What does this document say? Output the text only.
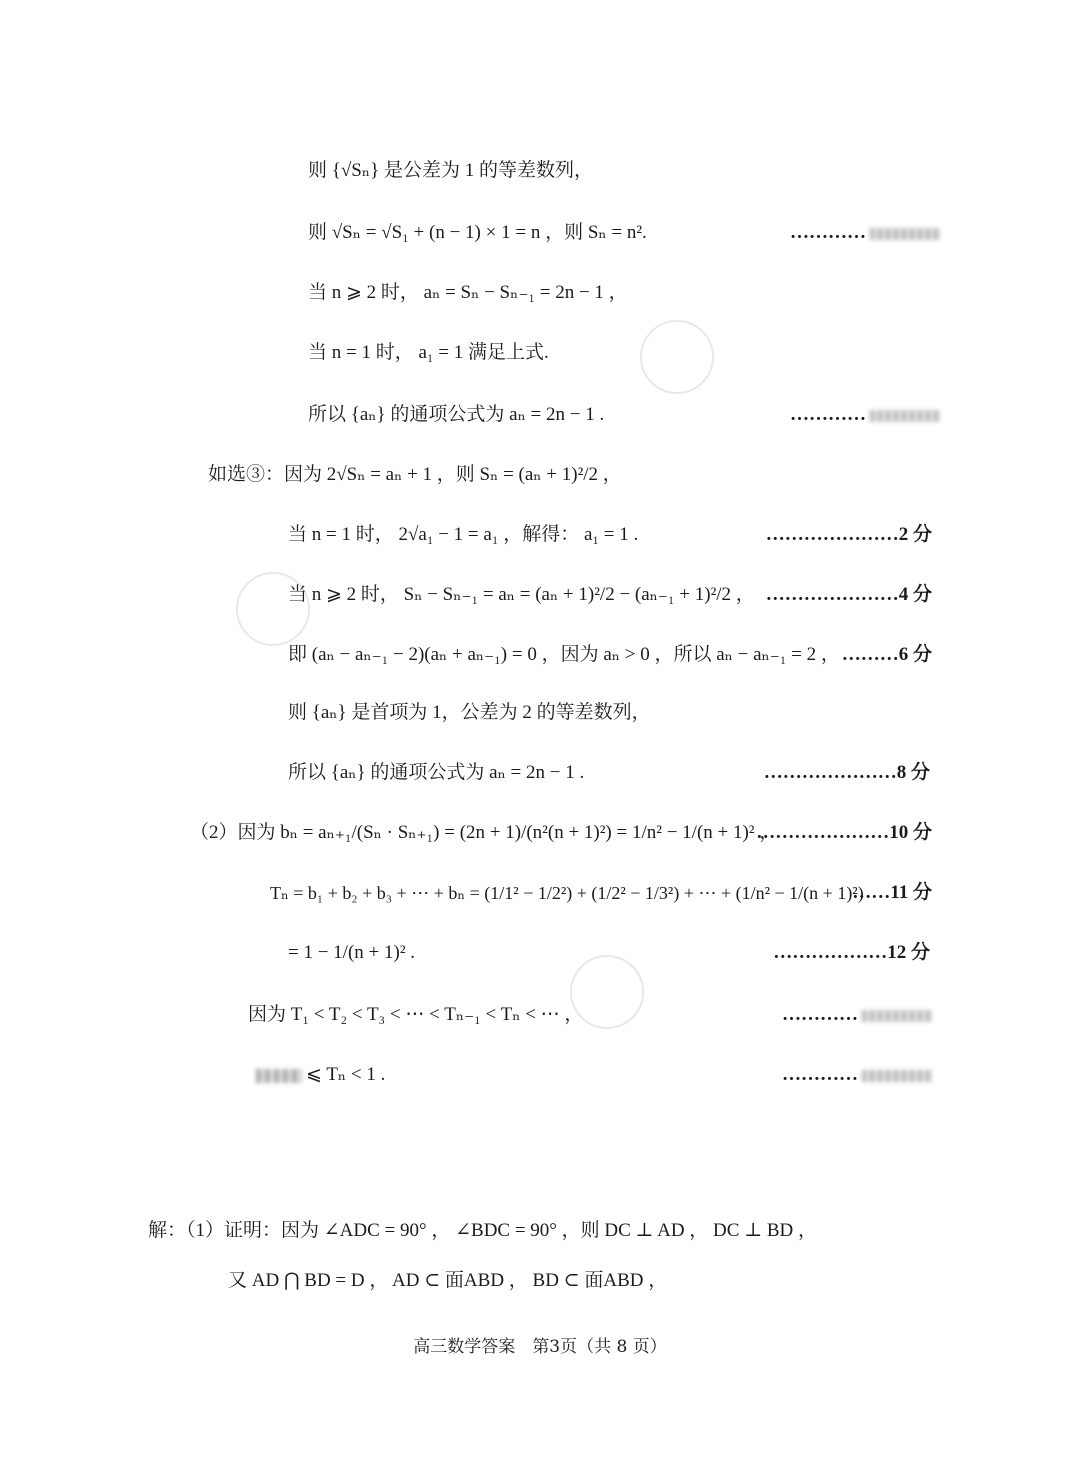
则 {√Sₙ} 是公差为 1 的等差数列，
则 √Sₙ = √S₁ + (n − 1) × 1 = n ，则 Sₙ = n².	…………
当 n ⩾ 2 时， aₙ = Sₙ − Sₙ₋₁ = 2n − 1 ，
当 n = 1 时， a₁ = 1 满足上式.
所以 {aₙ} 的通项公式为 aₙ = 2n − 1 .	…………
如选③：因为 2√Sₙ = aₙ + 1 ，则 Sₙ = (aₙ + 1)²/2 ，
当 n = 1 时， 2√a₁ − 1 = a₁ ，解得： a₁ = 1 .	…………………2 分
当 n ⩾ 2 时， Sₙ − Sₙ₋₁ = aₙ = (aₙ + 1)²/2 − (aₙ₋₁ + 1)²/2 ， …………………4 分
即 (aₙ − aₙ₋₁ − 2)(aₙ + aₙ₋₁) = 0 ，因为 aₙ > 0 ，所以 aₙ − aₙ₋₁ = 2 ， ………6 分
则 {aₙ} 是首项为 1，公差为 2 的等差数列，
所以 {aₙ} 的通项公式为 aₙ = 2n − 1 .	…………………8 分
（2）因为 bₙ = aₙ₊₁/(Sₙ · Sₙ₊₁) = (2n + 1)/(n²(n + 1)²) = 1/n² − 1/(n + 1)² ，
…………………10 分
Tₙ = b₁ + b₂ + b₃ + ⋯ + bₙ = (1/1² − 1/2²) + (1/2² − 1/3²) + ⋯ + (1/n² − 1/(n + 1)²)
……11 分
= 1 − 1/(n + 1)² .	………………12 分
因为 T₁ < T₂ < T₃ < ⋯ < Tₙ₋₁ < Tₙ < ⋯ ，	…………
⩽ Tₙ < 1 .	…………
解：（1）证明：因为 ∠ADC = 90° ， ∠BDC = 90° ，则 DC ⊥ AD ， DC ⊥ BD ，
又 AD ⋂ BD = D ， AD ⊂ 面ABD ， BD ⊂ 面ABD ，
高三数学答案　第3页（共 8 页）
